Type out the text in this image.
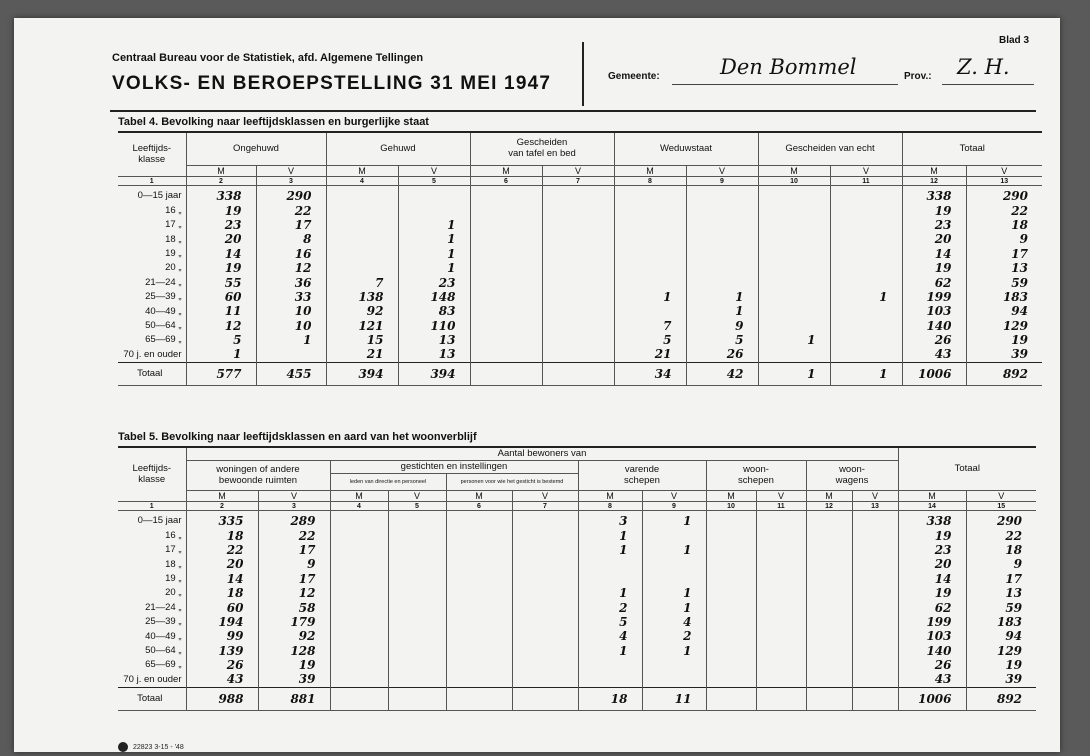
Centraal Bureau voor de Statistiek, afd. Algemene Tellingen
VOLKS- EN BEROEPSTELLING 31 MEI 1947
Blad 3
Gemeente:	Den Bommel	Prov.: Z. H.
Tabel 4. Bevolking naar leeftijdsklassen en burgerlijke staat												
Leeftijds-
klasse	Ongehuwd		Gehuwd		Gescheiden
van tafel en bed		Weduwstaat		Gescheiden van echt		Totaal	
	M	V	M	V	M	V	M	V	M	V	M	V
1	2	3	4	5	6	7	8	9	10	11	12	13
0—15 jaar	338	290									338	290
16 „	19	22									19	22
17 „	23	17		1							23	18
18 „	20	8		1							20	9
19 „	14	16		1							14	17
20 „	19	12		1							19	13
21—24 „	55	36	7	23							62	59
25—39 „	60	33	138	148			1	1		1	199	183
40—49 „	11	10	92	83				1			103	94
50—64 „	12	10	121	110			7	9			140	129
65—69 „	5	1	15	13			5	5	1		26	19
70 j. en ouder	1		21	13			21	26			43	39
Totaal	577	455	394	394			34	42	1	1	1006	892
Tabel 5. Bevolking naar leeftijdsklassen en aard van het woonverblijf														
Leeftijds-
klasse	Aantal bewoners van												Totaal	
	woningen of andere
bewoonde ruimten		gestichten en instellingen				varende
schepen		woon-
schepen		woon-
wagens			
			leden van directie en personeel		personen voor wie het gesticht is bestemd									
	M	V	M	V	M	V	M	V	M	V	M	V	M	V
1	2	3	4	5	6	7	8	9	10	11	12	13	14	15
0—15 jaar	335	289					3	1					338	290
16 „	18	22					1						19	22
17 „	22	17					1	1					23	18
18 „	20	9											20	9
19 „	14	17											14	17
20 „	18	12					1	1					19	13
21—24 „	60	58					2	1					62	59
25—39 „	194	179					5	4					199	183
40—49 „	99	92					4	2					103	94
50—64 „	139	128					1	1					140	129
65—69 „	26	19											26	19
70 j. en ouder	43	39											43	39
Totaal	988	881					18	11					1006	892
22823 3-15 - '48
